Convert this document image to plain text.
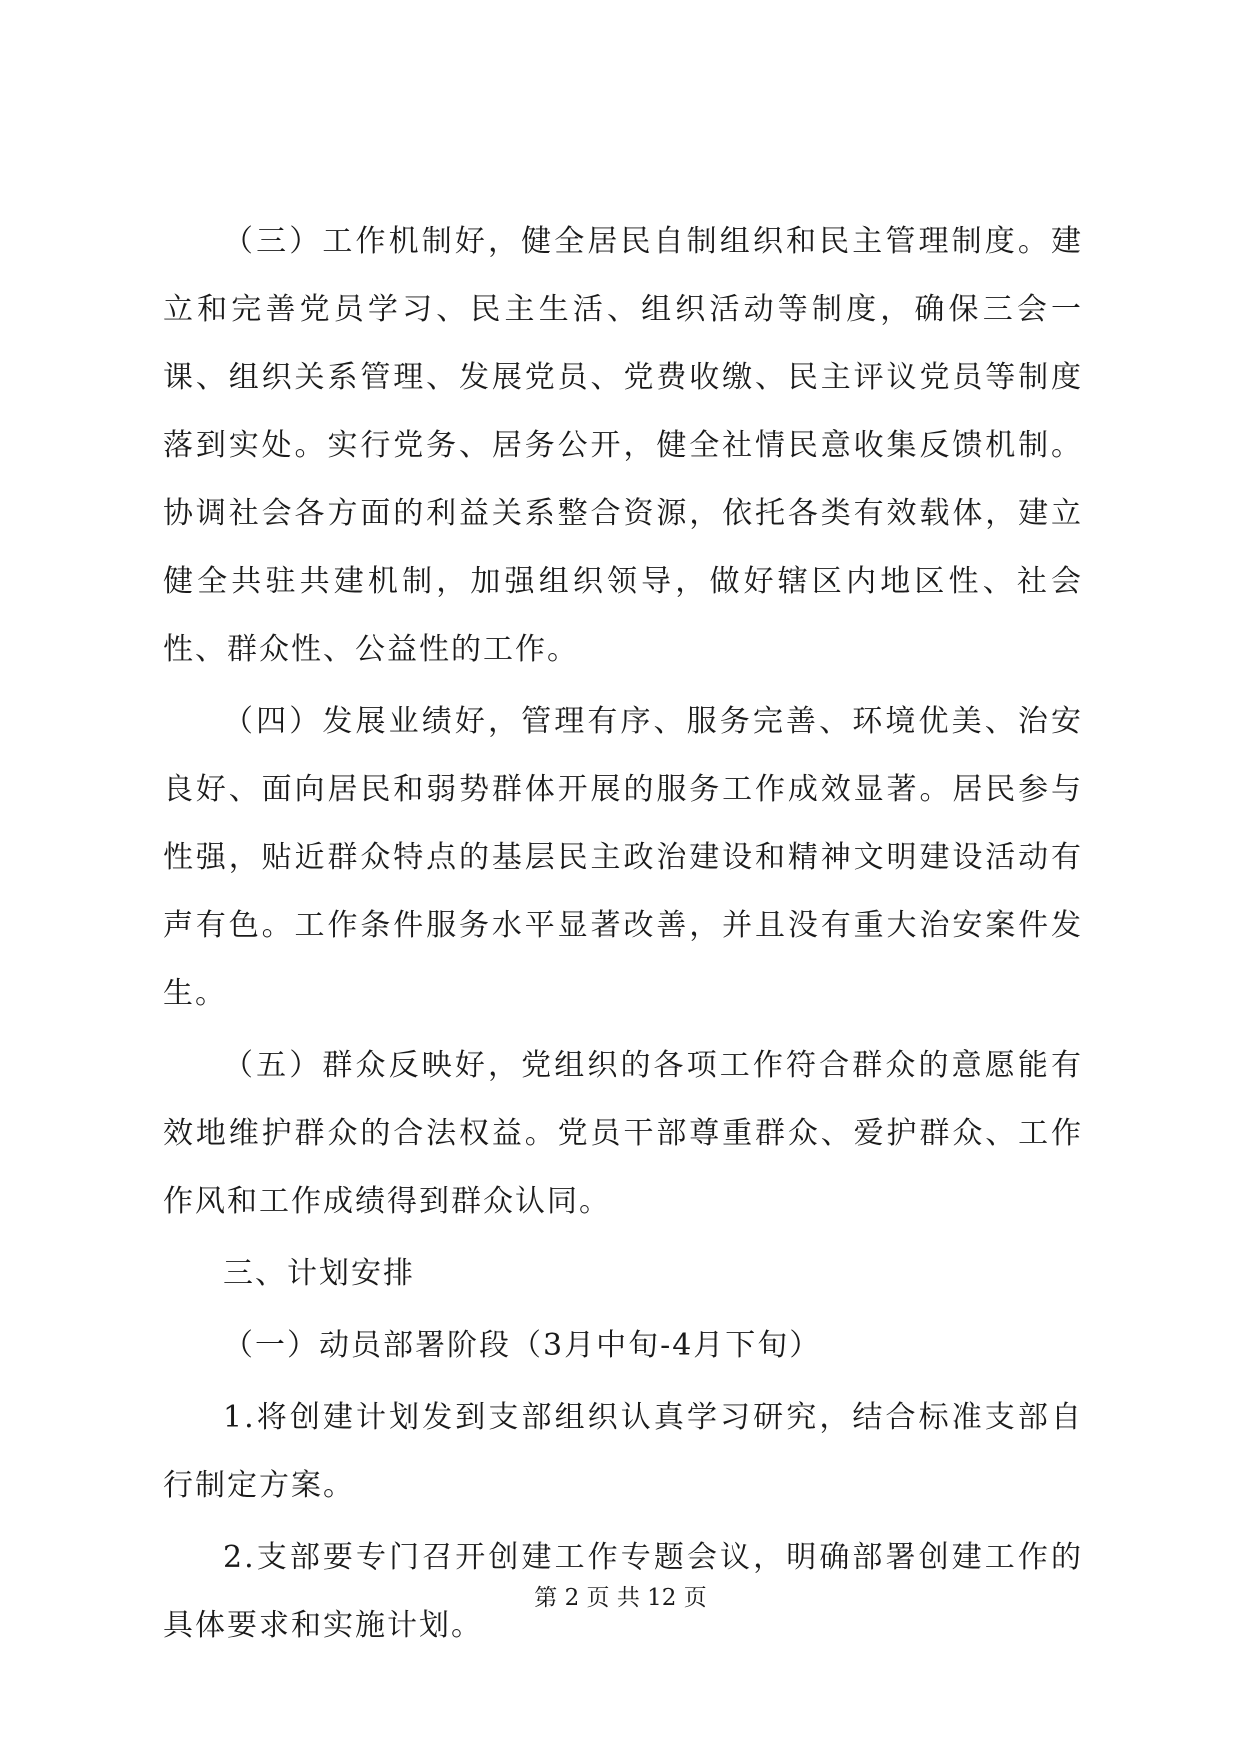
（三）工作机制好，健全居民自制组织和民主管理制度。建立和完善党员学习、民主生活、组织活动等制度，确保三会一课、组织关系管理、发展党员、党费收缴、民主评议党员等制度落到实处。实行党务、居务公开，健全社情民意收集反馈机制。协调社会各方面的利益关系整合资源，依托各类有效载体，建立健全共驻共建机制，加强组织领导，做好辖区内地区性、社会性、群众性、公益性的工作。

（四）发展业绩好，管理有序、服务完善、环境优美、治安良好、面向居民和弱势群体开展的服务工作成效显著。居民参与性强，贴近群众特点的基层民主政治建设和精神文明建设活动有声有色。工作条件服务水平显著改善，并且没有重大治安案件发生。

（五）群众反映好，党组织的各项工作符合群众的意愿能有效地维护群众的合法权益。党员干部尊重群众、爱护群众、工作作风和工作成绩得到群众认同。

三、计划安排

（一）动员部署阶段（3月中旬-4月下旬）

1.将创建计划发到支部组织认真学习研究，结合标准支部自行制定方案。

2.支部要专门召开创建工作专题会议，明确部署创建工作的具体要求和实施计划。

第 2 页 共 12 页
